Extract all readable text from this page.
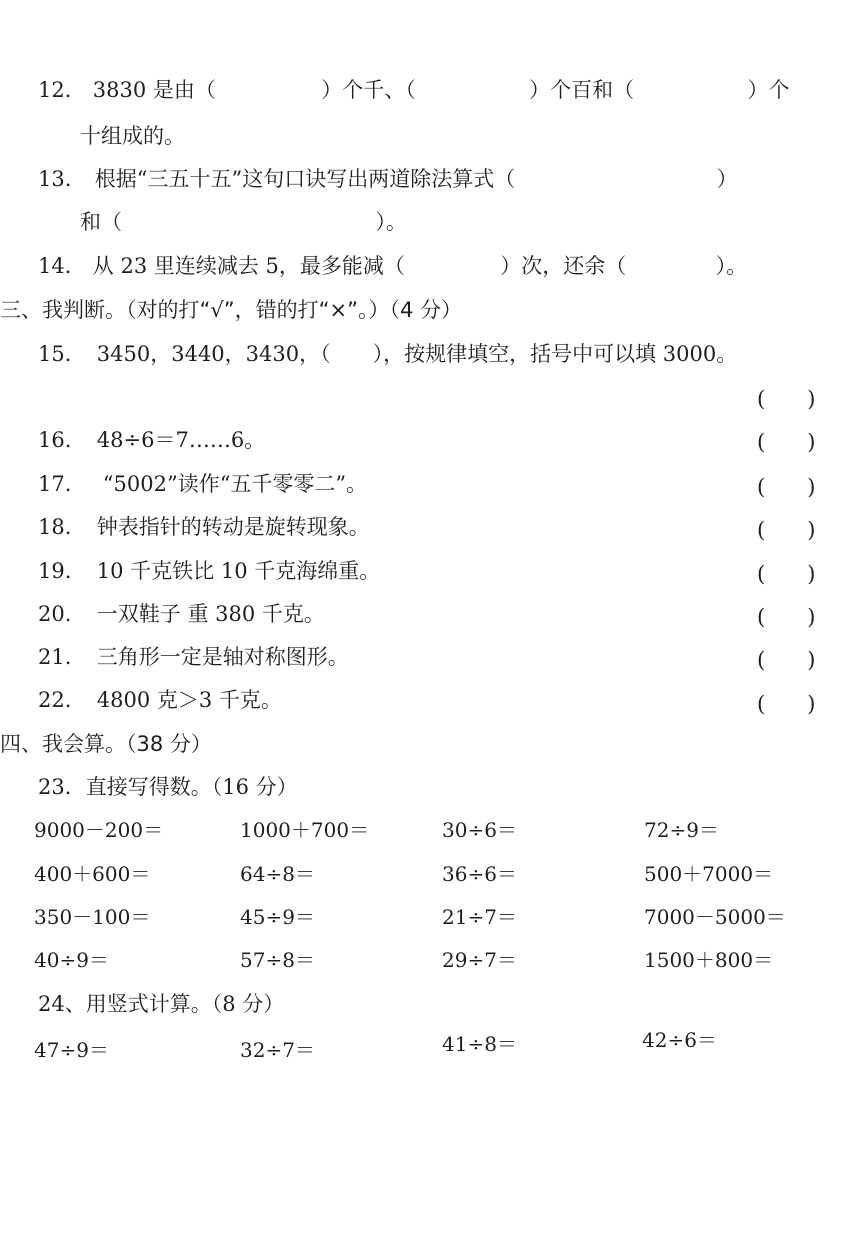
12. 3830 是由（	）个千、（	）个百和（	）个
十组成的。
13. 根据“三五十五”这句口诀写出两道除法算式（	）
和（	）。
14. 从 23 里连续减去 5，最多能减（	）次，还余（	）。
三、我判断。（对的打“√”，错的打“×”。）（4 分）
15. 3450，3440，3430，（　　），按规律填空，括号中可以填 3000。
(　　)
16. 48÷6＝7……6。	(　　)
17. “5002”读作“五千零零二”。	(　　)
18. 钟表指针的转动是旋转现象。	(　　)
19. 10 千克铁比 10 千克海绵重。	(　　)
20. 一双鞋子 重 380 千克。	(　　)
21. 三角形一定是轴对称图形。	(　　)
22. 4800 克＞3 千克。	(　　)
四、我会算。（38 分）
23．直接写得数。（16 分）
9000－200＝	1000＋700＝	30÷6＝	72÷9＝
400＋600＝	64÷8＝	36÷6＝	500＋7000＝
350－100＝	45÷9＝	21÷7＝	7000－5000＝
40÷9＝	57÷8＝	29÷7＝	1500＋800＝
24、用竖式计算。（8 分）
47÷9＝	32÷7＝	41÷8＝	42÷6＝
